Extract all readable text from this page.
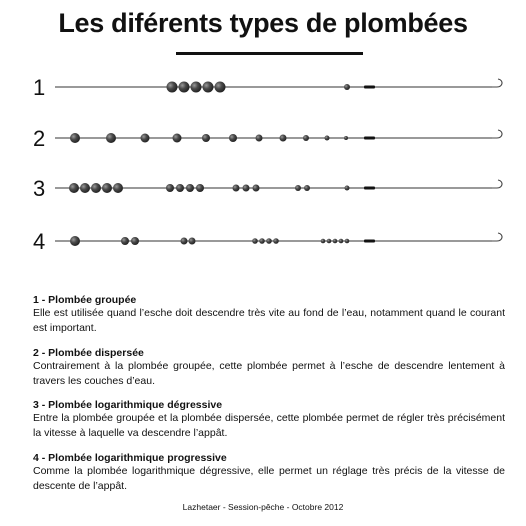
Les diférents types de plombées
1
2
3
4
1 - Plombée groupée

Elle est utilisée quand l’esche doit descendre très vite au fond de l’eau, notamment quand le courant est important.

2 - Plombée dispersée

Contrairement à la plombée groupée, cette plombée permet à l’esche de descendre lentement à travers les couches d’eau.

3 - Plombée logarithmique dégressive

Entre la plombée groupée et la plombée dispersée, cette plombée permet de régler très précisément la vitesse à laquelle va descendre l’appât.

4 - Plombée logarithmique progressive

Comme la plombée logarithmique dégressive, elle permet un réglage très précis de la vitesse de descente de l’appât.

Lazhetaer - Session-pêche - Octobre 2012
